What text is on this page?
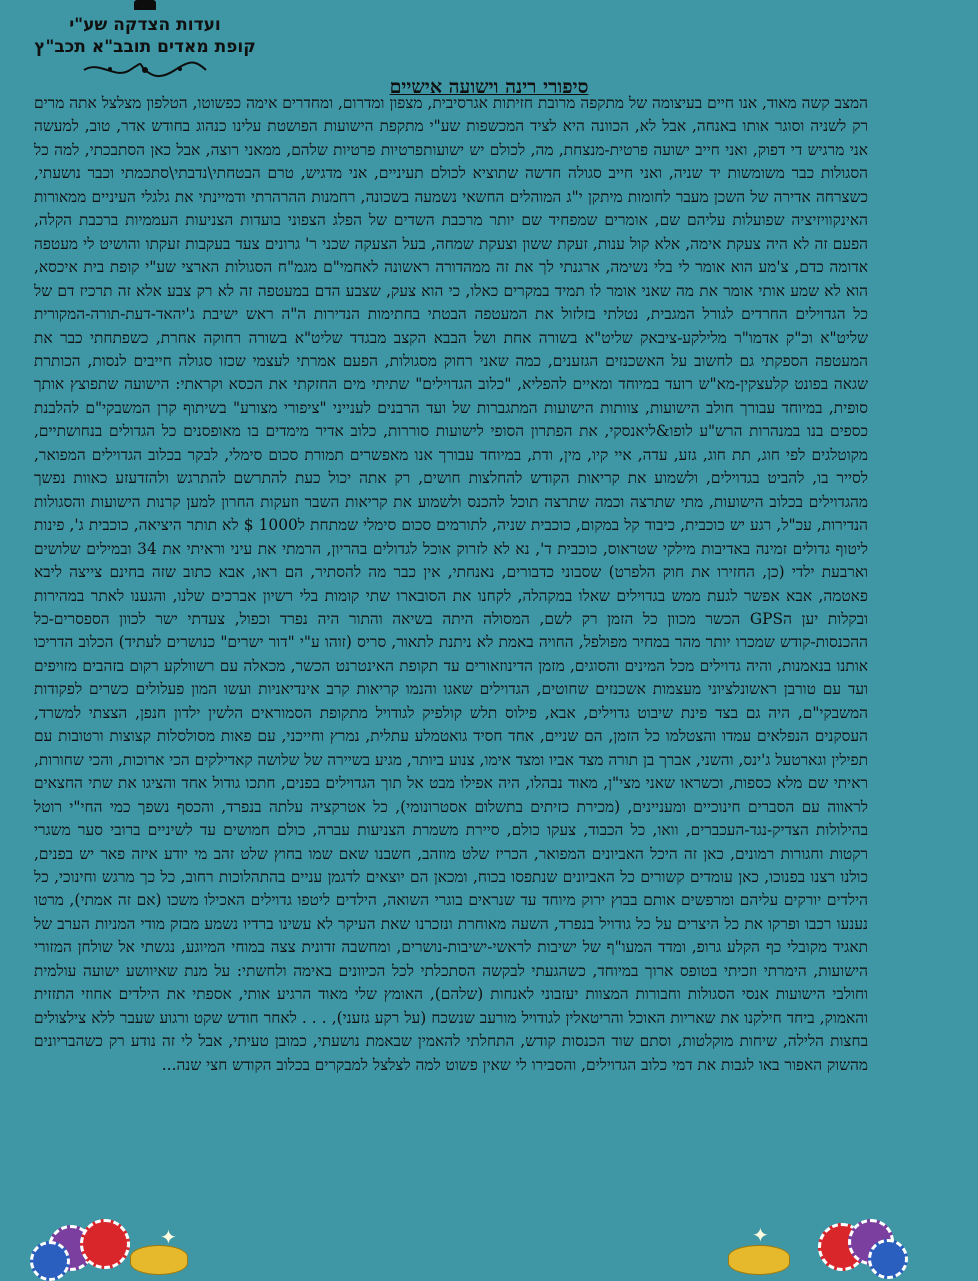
ועדות הצדקה שע"י
קופת מאדים תובב"א תכב"ץ
סיפורי רינה וישועה אישיים

המצב קשה מאוד, אנו חיים בעיצומה של מתקפה מרובת חזיתות אגרסיבית, מצפון ומדרום, ומחדרים אימה כפשוטו, הטלפון מצלצל אתה מרים רק לשניה וסוגר אותו באנחה, אבל לא, הכוונה היא לציד המכשפות שע"י מתקפת הישועות הפושטת עלינו כנהוג בחודש אדר, טוב, למעשה אני מרגיש די דפוק, ואני חייב ישועה פרטית-מנצחת, מה, לכולם יש ישועותפרטיות פרטיות שלהם, ממאני רוצה, אבל כאן הסתבכתי, למה כל הסגולות כבר משומשות יד שניה, ואני חייב סגולה חדשה שתוציא לכולם תעיניים, אני מדגיש, טרם הבטחתי\נדבתי\סתכמתי וכבר נושעתי, כשצרחה אדירה של השכן מעבר לחומות מיתקן י"ג המוהלים החשאי נשמעה בשכונה, רחמנות ההרהרתי ודמיינתי את גלגלי העיניים ממאורות האינקוויזיציה שפועלות עליהם שם, אומרים שמפחיד שם יותר מרכבת השדים של הפלג הצפוני בועדות הצניעות העממיות ברכבת הקלה, הפעם זה לא היה צעקת אימה, אלא קול ענות, זעקת ששון וצעקת שמחה, בעל הצעקה שכני ר' גרונים צעד בעקבות זעקתו והושיט לי מעטפה אדומה כדם, צ'מע הוא אומר לי בלי נשימה, ארגנתי לך את זה ממהדורה ראשונה לאחמי"ם מגמ"ח הסגולות הארצי שע"י קופת בית איכסא, הוא לא שמע אותי אומר את מה שאני אומר לו תמיד במקרים כאלו, כי הוא צעק, שצבע הדם במעטפה זה לא רק צבע אלא זה תרכיז דם של כל הגדוילים החרדים לגורל המגבית, נטלתי בזלזול את המעטפה הבטתי בחתימות הנדירות ה"ה ראש ישיבת ג'יהאד-דעת-תורה-המקורית שליט"א וכ"ק אדמו"ר מלילקע-ציבאק שליט"א בשורה אחת ושל הבבא הקצב מבגדד שליט"א בשורה רחוקה אחרת, כשפתחתי כבר את המעטפה הספקתי גם לחשוב על האשכנזים הגזענים, כמה שאני רחוק מסגולות, הפעם אמרתי לעצמי שכזו סגולה חייבים לנסות, הכותרת שגאה בפונט קלעצקין-מא"ש רועד במיוחד ומאיים להפליא, "כלוב הגדוילים" שתיתי מים החזקתי את הכסא וקראתי: הישועה שתפוצץ אותך סופית, במיוחד עבורך חולב הישועות, צוותות הישועות המתגברות של ועד הרבנים לענייני "ציפורי מצורע" בשיתוף קרן המשבקי"ם להלבנת כספים בנו במנהרות הרש"ע לופו&ליאנסקי, את הפתרון הסופי לישועות סוררות, כלוב אדיר מימדים בו מאופסנים כל הגדולים בנחושתיים, מקוטלגים לפי חוג, תת חוג, גזע, עדה, איי קיו, מין, ודת, במיוחד עבורך אנו מאפשרים תמורת סכום סימלי, לבקר בכלוב הגדוילים המפואר, לסייר בו, להביט בגדוילים, ולשמוע את קריאות הקודש להחלצות חושים, רק אתה יכול כעת להתרשם להתרגש ולהזדעזע כאוות נפשך מהגדוילים בכלוב הישועות, מתי שתרצה וכמה שתרצה תוכל להכנס ולשמוע את קריאות השבר וזעקות החרון למען קרנות הישועות והסגולות הנדירות, עכ"ל, רגע יש כוכבית, כיבוד קל במקום, כוכבית שניה, לתורמים סכום סימלי שמתחת ל1000 $ לא תותר היציאה, כוכבית ג', פינות ליטוף גדולים זמינה באדיבות מילקי שטראוס, כוכבית ד', נא לא לזרוק אוכל לגדולים בהריון, הרמתי את עיני וראיתי את 34 ובמילים שלושים וארבעת ילדי (כן, החזירו את חוק הלפרט) שסבוני כדבורים, נאנחתי, אין כבר מה להסתיר, הם ראו, אבא כתוב שזה בחינם צייצה ליבא פאטמה, אבא אפשר לגעת ממש בגדוילים שאלו במקהלה, לקחנו את הסובארו שתי קומות בלי רשיון אברכים שלנו, והגענו לאתר במהירות ובקלות יען הGPS הכשר מכוון כל הזמן רק לשם, המסולה היתה בשיאה והתור היה נפרד וכפול, צעדתי ישר לכוון הספסרים-כל ההכנסות-קודש שמכרו יותר מהר במחיר מפולפל, החויה באמת לא ניתנת לתאור, סריס (זוהו ע"י "דור ישרים" כנושרים לעתיד) הכלוב הדריכו אותנו בנאמנות, והיה גדוילים מכל המינים והסוגים, מזמן הדינוזאורים עד תקופת האינטרנט הכשר, מכאלה עם רשוולקע רקום בזהבים מזויפים ועד עם טורבן ראשונלציוני מעצמות אשכנזים שחוטים, הגדוילים שאגו והנמו קריאות קרב אינדיאניות ועשו המון פעלולים כשרים לפקודות המשבקי"ם, היה גם בצד פינת שיבוט גדוילים, אבא, פילוס תלש קולפיק לגודויל מתקופת הסמוראים הלשין ילדון חנפן, הצצתי למשרד, העסקנים הנפלאים עמדו והצטלמו כל הזמן, הם שניים, אחד חסיד גואטמלע עתלית, נמרץ וחייכני, עם פאות מסולסלות קצוצות ורטובות עם תפילין וגארטעל ג'ינס, והשני, אברך בן תורה מצד אביו ומצד אימו, צנוע ביותר, מגיע בשיירה של שלושה קאדילקים הכי ארוכות, והכי שחורות, ראיתי שם מלא כספות, וכשראו שאני מצי"ן, מאוד נבהלו, היה אפילו מבט אל תוך הגדוילים בפנים, חתכו גודול אחד והציגו את שתי החצאים לראווה עם הסברים חינוכיים ומעניינים, (מכירת כזיתים בתשלום אסטרונומי), כל אטרקציה עלתה בנפרד, והכסף נשפך כמי החי"י רוטל בהילולות הצדיק-נגד-העכברים, וואו, כל הכבוד, צעקו כולם, סיירת משמרת הצניעות עברה, כולם חמושים עד לשיניים ברובי סער משגרי רקטות וחגורות רמונים, כאן זה היכל האביונים המפואר, הכריז שלט מוזהב, חשבנו שאם שמו בחוץ שלט זהב מי יודע איזה פאר יש בפנים, כולנו רצנו בפנוכו, כאן עומדים קשורים כל האביונים שנתפסו בכוח, ומכאן הם יוצאים לדגמן עניים בהתהלוכות רחוב, כל כך מרגש וחינוכי, כל הילדים יורקים עליהם ומרפשים אותם בבוץ ירוק מיוחד עד שנראים בוגרי השואה, הילדים ליטפו גדוילים האכילו משכו (אם זה אמתי), מרטו נענעו רכבו ופרקו את כל היצרים על כל גודויל בנפרד, השעה מאוחרת ונזכרנו שאת העיקר לא עשינו ברדיו נשמע מבזק מודי המניות הערב של תאגיד מקובלי כף הקלע גרופ, ומדד המעו"ף של ישיבות לראשי-ישיבות-נושרים, ומחשבה זדונית צצה במוחי המיוגע, נגשתי אל שולחן המזורי הישועות, הימרתי וזכיתי בטופס ארוך במיוחד, כשהגעתי לבקשה הסתכלתי לכל הכיוונים באימה ולחשתי: על מנת שאיוושע ישועה עולמית וחולבי הישועות אנסי הסגולות וחבורות המצוות יעזבוני לאנחות (שלהם), האומץ שלי מאוד הרגיע אותי, אספתי את הילדים אחוזי התזזית והאמוק, ביחד חילקנו את שאריות האוכל והריטאלין לגודויל מורעב שנשכח (על רקע גזעני), . . . לאחר חודש שקט ורגוע שעבר ללא צילצולים בחצות הלילה, שיחות מוקלטות, וסתם שוד הכנסות קודש, התחלתי להאמין שבאמת נושעתי, כמובן טעיתי, אבל לי זה נודע רק כשהבריונים מהשוק האפור באו לגבות את דמי כלוב הגדוילים, והסבירו לי שאין פשוט למה לצלצל למבקרים בכלוב הקודש חצי שנה...

✦	✦
